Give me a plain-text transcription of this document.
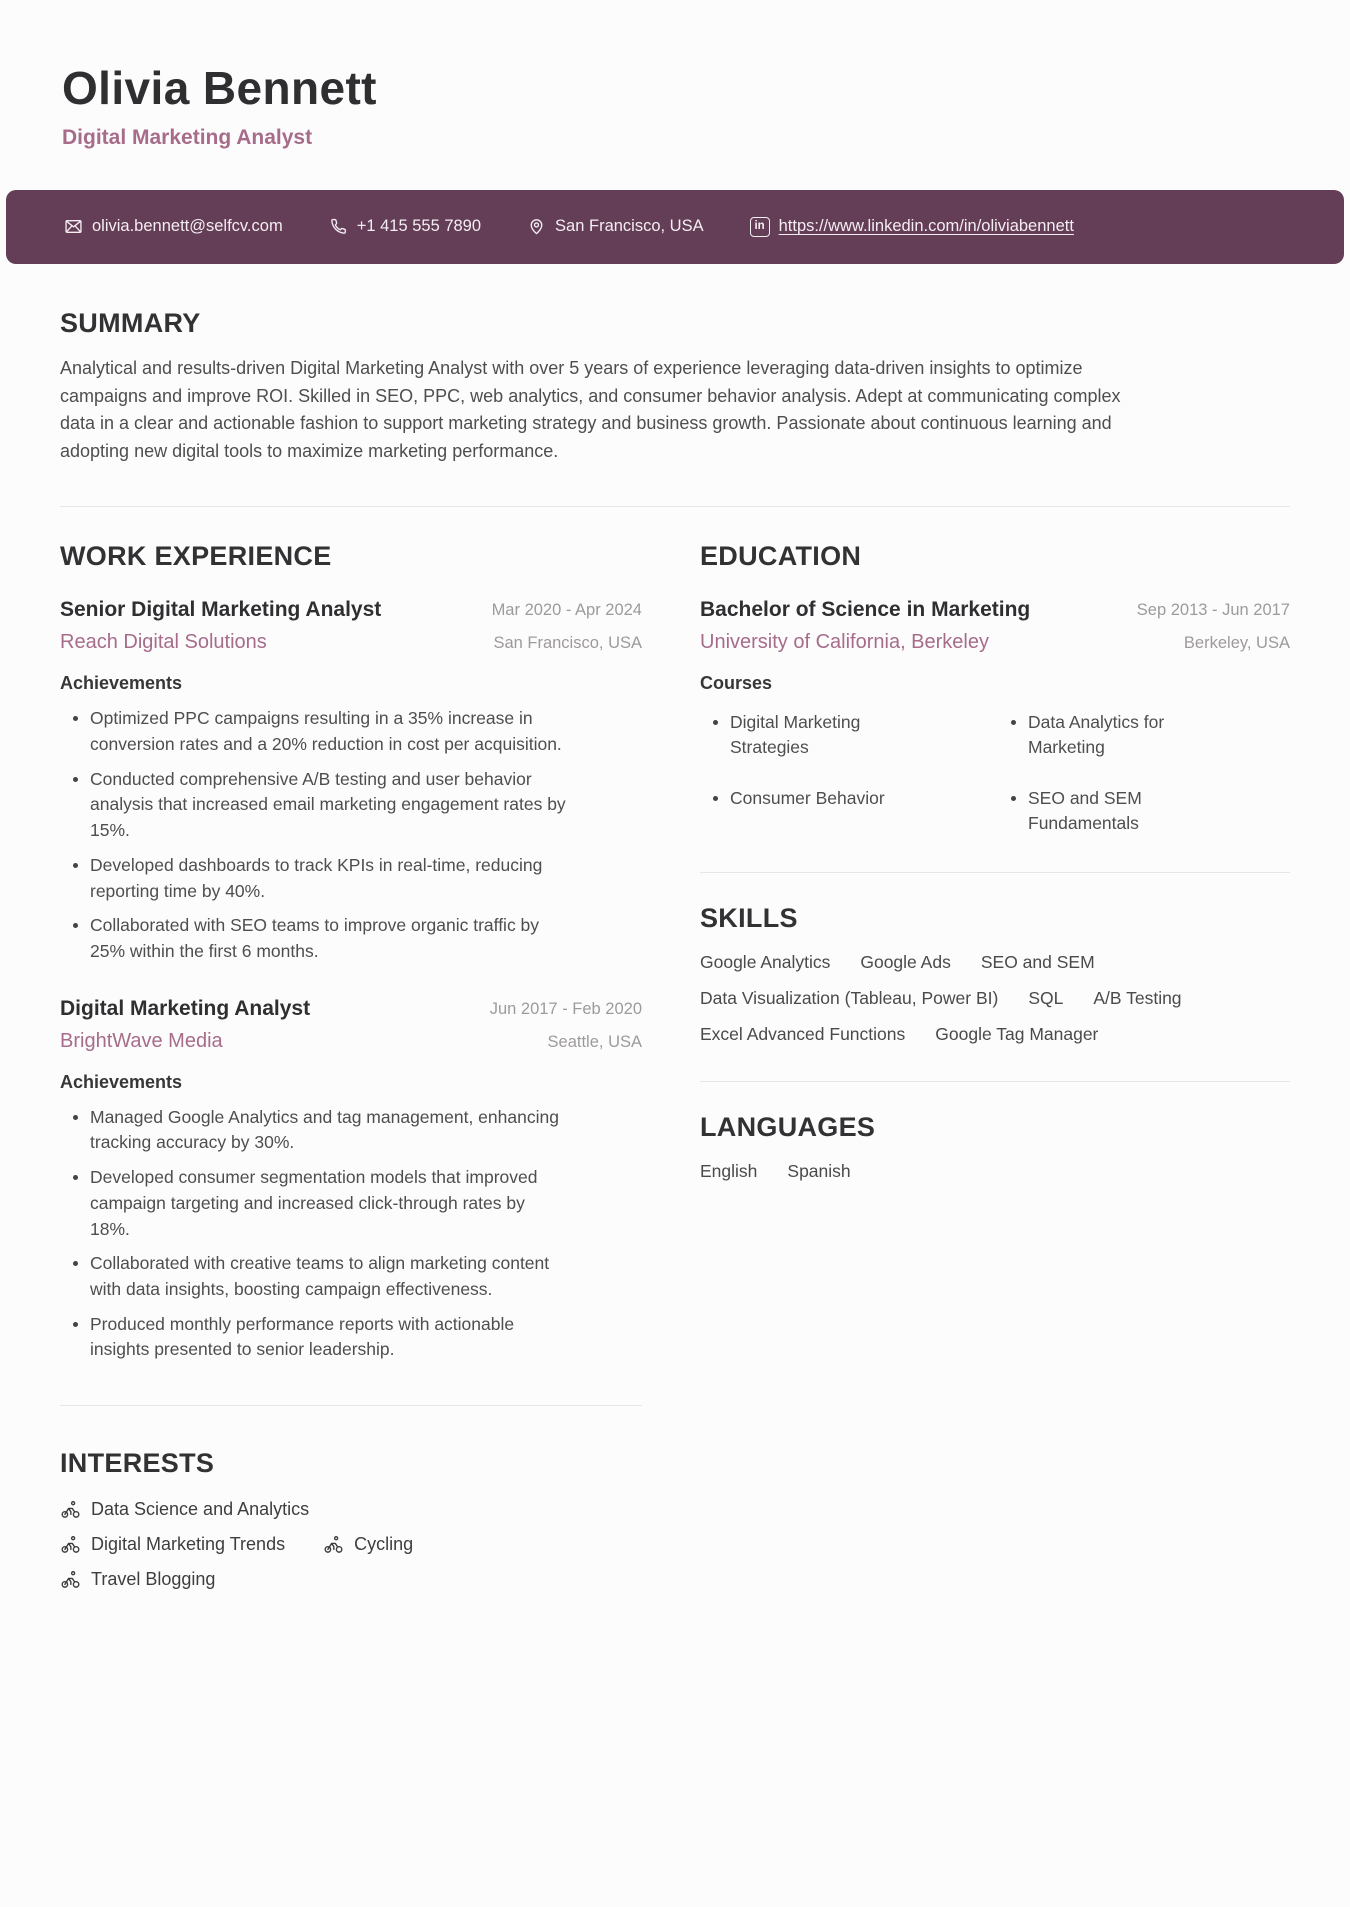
Olivia Bennett
Digital Marketing Analyst
olivia.bennett@selfcv.com	+1 415 555 7890	San Francisco, USA	in https://www.linkedin.com/in/oliviabennett
SUMMARY

Analytical and results-driven Digital Marketing Analyst with over 5 years of experience leveraging data-driven insights to optimize campaigns and improve ROI. Skilled in SEO, PPC, web analytics, and consumer behavior analysis. Adept at communicating complex data in a clear and actionable fashion to support marketing strategy and business growth. Passionate about continuous learning and adopting new digital tools to maximize marketing performance.

WORK EXPERIENCE
Senior Digital Marketing Analyst
Reach Digital Solutions
Mar 2020 - Apr 2024
San Francisco, USA
Achievements
• Optimized PPC campaigns resulting in a 35% increase in conversion rates and a 20% reduction in cost per acquisition.
• Conducted comprehensive A/B testing and user behavior analysis that increased email marketing engagement rates by 15%.
• Developed dashboards to track KPIs in real-time, reducing reporting time by 40%.
• Collaborated with SEO teams to improve organic traffic by 25% within the first 6 months.
Digital Marketing Analyst
BrightWave Media
Jun 2017 - Feb 2020
Seattle, USA
Achievements
• Managed Google Analytics and tag management, enhancing tracking accuracy by 30%.
• Developed consumer segmentation models that improved campaign targeting and increased click-through rates by 18%.
• Collaborated with creative teams to align marketing content with data insights, boosting campaign effectiveness.
• Produced monthly performance reports with actionable insights presented to senior leadership.
INTERESTS
Data Science and Analytics
Digital Marketing Trends	Cycling
Travel Blogging
EDUCATION
Bachelor of Science in Marketing
University of California, Berkeley
Sep 2013 - Jun 2017
Berkeley, USA
Courses
• Digital Marketing Strategies
• Data Analytics for Marketing
• Consumer Behavior	• SEO and SEM Fundamentals
SKILLS
Google Analytics Google Ads SEO and SEM
Data Visualization (Tableau, Power BI) SQL A/B Testing
Excel Advanced Functions Google Tag Manager
LANGUAGES
English Spanish
